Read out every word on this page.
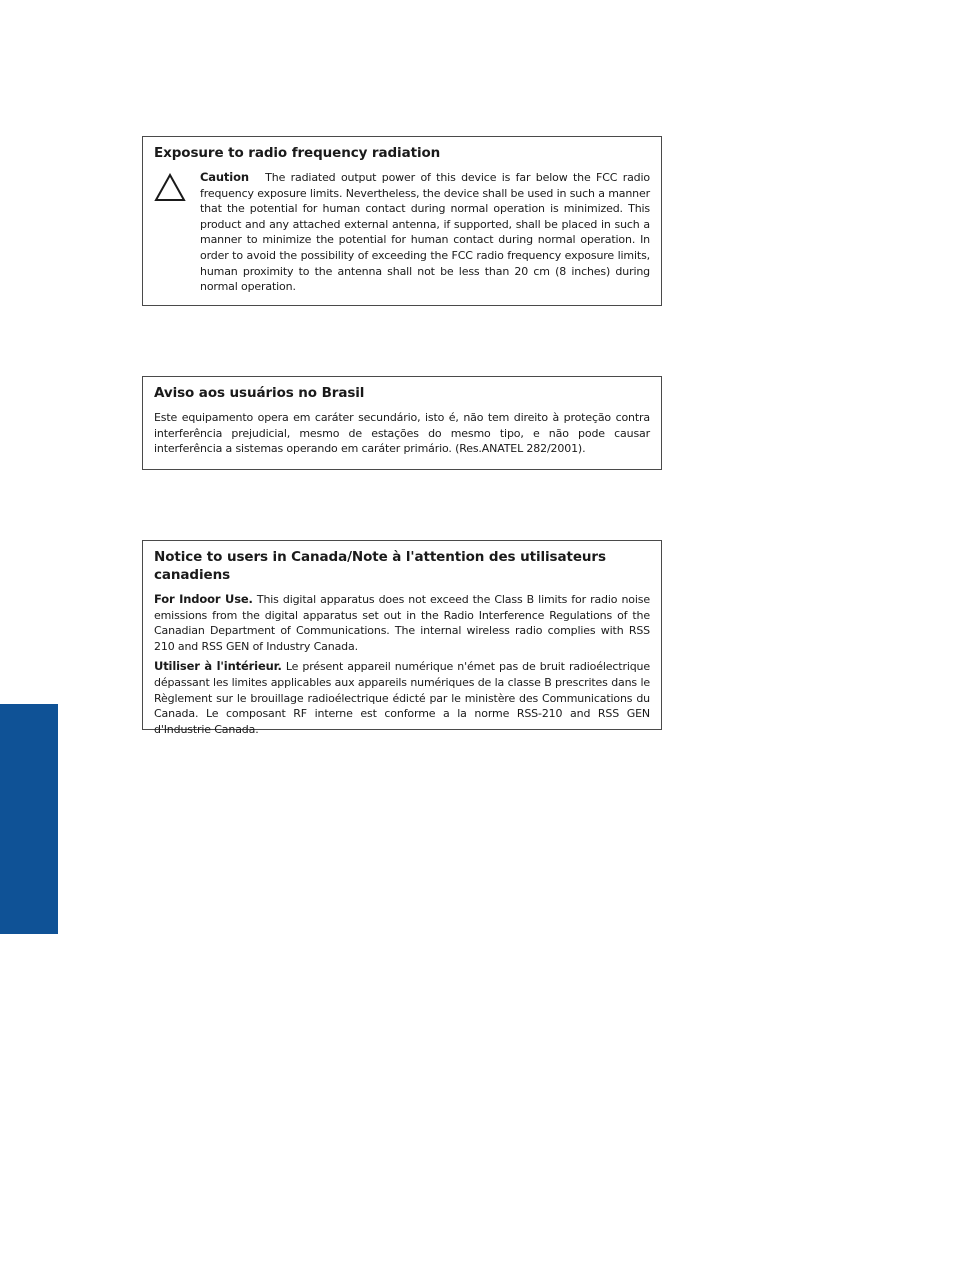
Exposure to radio frequency radiation

Caution The radiated output power of this device is far below the FCC radio frequency exposure limits. Nevertheless, the device shall be used in such a manner that the potential for human contact during normal operation is minimized. This product and any attached external antenna, if supported, shall be placed in such a manner to minimize the potential for human contact during normal operation. In order to avoid the possibility of exceeding the FCC radio frequency exposure limits, human proximity to the antenna shall not be less than 20 cm (8 inches) during normal operation.

Aviso aos usuários no Brasil

Este equipamento opera em caráter secundário, isto é, não tem direito à proteção contra interferência prejudicial, mesmo de estações do mesmo tipo, e não pode causar interferência a sistemas operando em caráter primário. (Res.ANATEL 282/2001).

Notice to users in Canada/Note à l'attention des utilisateurs canadiens

For Indoor Use. This digital apparatus does not exceed the Class B limits for radio noise emissions from the digital apparatus set out in the Radio Interference Regulations of the Canadian Department of Communications. The internal wireless radio complies with RSS 210 and RSS GEN of Industry Canada.

Utiliser à l'intérieur. Le présent appareil numérique n'émet pas de bruit radioélectrique dépassant les limites applicables aux appareils numériques de la classe B prescrites dans le Règlement sur le brouillage radioélectrique édicté par le ministère des Communications du Canada. Le composant RF interne est conforme a la norme RSS-210 and RSS GEN d'Industrie Canada.
